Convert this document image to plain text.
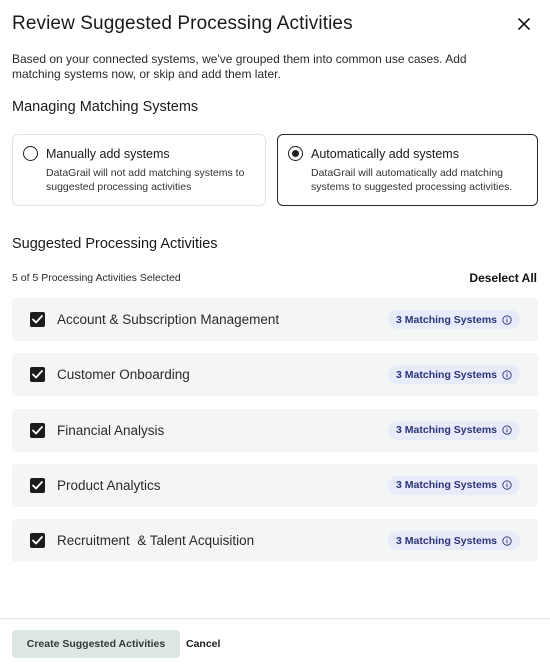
Review Suggested Processing Activities

Based on your connected systems, we've grouped them into common use cases. Add matching systems now, or skip and add them later.

Managing Matching Systems
Manually add systems
DataGrail will not add matching systems to suggested processing activities
Automatically add systems
DataGrail will automatically add matching systems to suggested processing activities.
Suggested Processing Activities
5 of 5 Processing Activities Selected	Deselect All
Account & Subscription Management	3 Matching Systems
Customer Onboarding	3 Matching Systems
Financial Analysis	3 Matching Systems
Product Analytics	3 Matching Systems
Recruitment  & Talent Acquisition	3 Matching Systems
Create Suggested Activities	Cancel
